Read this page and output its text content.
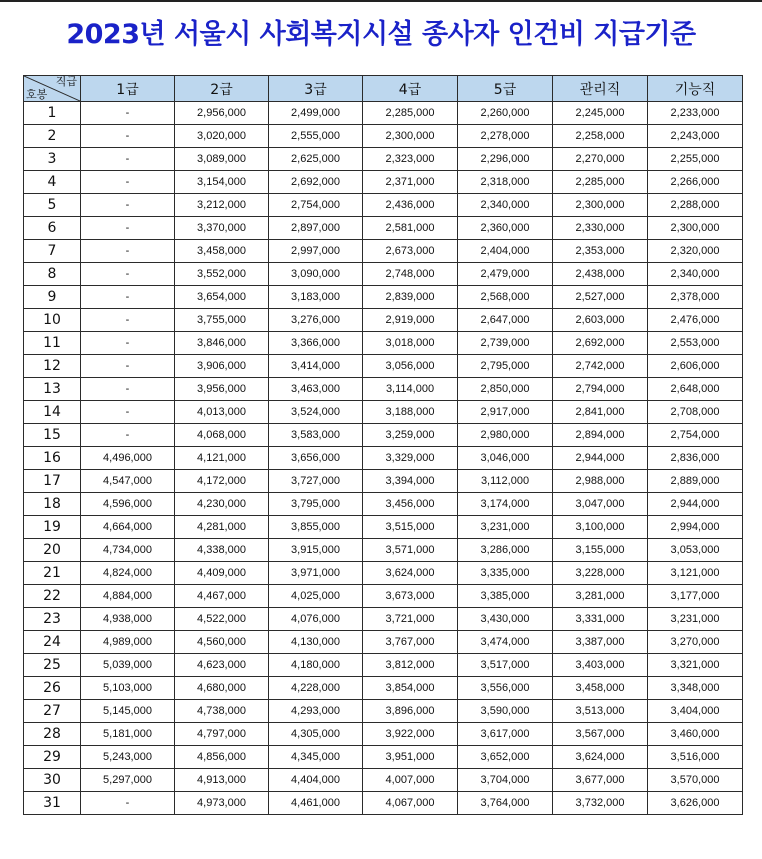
2023년 서울시 사회복지시설 종사자 인건비 지급기준
직급
호봉	1급	2급	3급	4급	5급	관리직	기능직
1	-	2,956,000	2,499,000	2,285,000	2,260,000	2,245,000	2,233,000
2	-	3,020,000	2,555,000	2,300,000	2,278,000	2,258,000	2,243,000
3	-	3,089,000	2,625,000	2,323,000	2,296,000	2,270,000	2,255,000
4	-	3,154,000	2,692,000	2,371,000	2,318,000	2,285,000	2,266,000
5	-	3,212,000	2,754,000	2,436,000	2,340,000	2,300,000	2,288,000
6	-	3,370,000	2,897,000	2,581,000	2,360,000	2,330,000	2,300,000
7	-	3,458,000	2,997,000	2,673,000	2,404,000	2,353,000	2,320,000
8	-	3,552,000	3,090,000	2,748,000	2,479,000	2,438,000	2,340,000
9	-	3,654,000	3,183,000	2,839,000	2,568,000	2,527,000	2,378,000
10	-	3,755,000	3,276,000	2,919,000	2,647,000	2,603,000	2,476,000
11	-	3,846,000	3,366,000	3,018,000	2,739,000	2,692,000	2,553,000
12	-	3,906,000	3,414,000	3,056,000	2,795,000	2,742,000	2,606,000
13	-	3,956,000	3,463,000	3,114,000	2,850,000	2,794,000	2,648,000
14	-	4,013,000	3,524,000	3,188,000	2,917,000	2,841,000	2,708,000
15	-	4,068,000	3,583,000	3,259,000	2,980,000	2,894,000	2,754,000
16	4,496,000	4,121,000	3,656,000	3,329,000	3,046,000	2,944,000	2,836,000
17	4,547,000	4,172,000	3,727,000	3,394,000	3,112,000	2,988,000	2,889,000
18	4,596,000	4,230,000	3,795,000	3,456,000	3,174,000	3,047,000	2,944,000
19	4,664,000	4,281,000	3,855,000	3,515,000	3,231,000	3,100,000	2,994,000
20	4,734,000	4,338,000	3,915,000	3,571,000	3,286,000	3,155,000	3,053,000
21	4,824,000	4,409,000	3,971,000	3,624,000	3,335,000	3,228,000	3,121,000
22	4,884,000	4,467,000	4,025,000	3,673,000	3,385,000	3,281,000	3,177,000
23	4,938,000	4,522,000	4,076,000	3,721,000	3,430,000	3,331,000	3,231,000
24	4,989,000	4,560,000	4,130,000	3,767,000	3,474,000	3,387,000	3,270,000
25	5,039,000	4,623,000	4,180,000	3,812,000	3,517,000	3,403,000	3,321,000
26	5,103,000	4,680,000	4,228,000	3,854,000	3,556,000	3,458,000	3,348,000
27	5,145,000	4,738,000	4,293,000	3,896,000	3,590,000	3,513,000	3,404,000
28	5,181,000	4,797,000	4,305,000	3,922,000	3,617,000	3,567,000	3,460,000
29	5,243,000	4,856,000	4,345,000	3,951,000	3,652,000	3,624,000	3,516,000
30	5,297,000	4,913,000	4,404,000	4,007,000	3,704,000	3,677,000	3,570,000
31	-	4,973,000	4,461,000	4,067,000	3,764,000	3,732,000	3,626,000
